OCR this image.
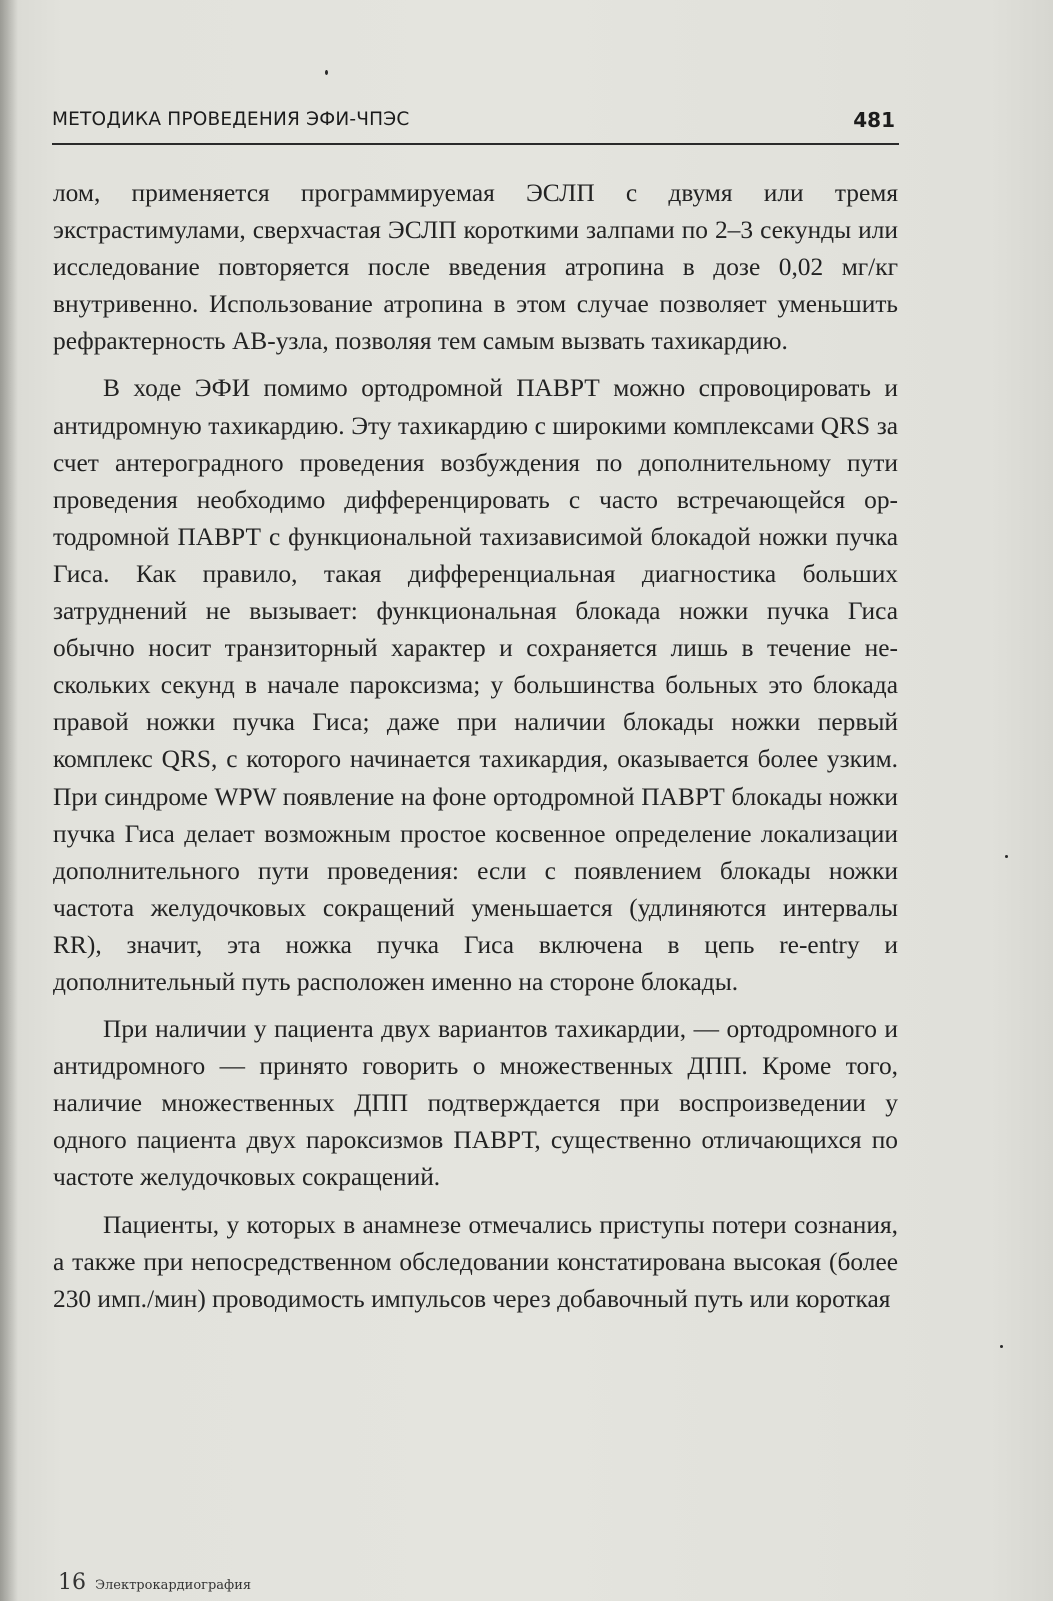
МЕТОДИКА ПРОВЕДЕНИЯ ЭФИ-ЧПЭС	481

лом, применяется программируемая ЭСЛП с двумя или тремя экстрастимулами, сверхчастая ЭСЛП короткими залпами по 2–3 секунды или исследование повторяется после введения атропина в дозе 0,02 мг/кг внутривенно. Использование атропина в этом случае позволяет уменьшить рефрактерность АВ-узла, позволяя тем самым вызвать тахикардию.

В ходе ЭФИ помимо ортодромной ПАВРТ можно спровоцировать и антидромную тахикардию. Эту тахикардию с широкими комплексами QRS за счет антероградного проведения возбуждения по дополнительному пути проведения необходимо дифференцировать с часто встречающейся ортодромной ПАВРТ с функциональной тахизависимой блокадой ножки пучка Гиса. Как правило, такая дифференциальная диагностика больших затруднений не вызывает: функциональная блокада ножки пучка Гиса обычно носит транзиторный характер и сохраняется лишь в течение нескольких секунд в начале пароксизма; у большинства больных это блокада правой ножки пучка Гиса; даже при наличии блокады ножки первый комплекс QRS, с которого начинается тахикардия, оказывается более узким. При синдроме WPW появление на фоне ортодромной ПАВРТ блокады ножки пучка Гиса делает возможным простое косвенное определение локализации дополнительного пути проведения: если с появлением блокады ножки частота желудочковых сокращений уменьшается (удлиняются интервалы RR), значит, эта ножка пучка Гиса включена в цепь re-entry и дополнительный путь расположен именно на стороне блокады.

При наличии у пациента двух вариантов тахикардии, — ортодромного и антидромного — принято говорить о множественных ДПП. Кроме того, наличие множественных ДПП подтверждается при воспроизведении у одного пациента двух пароксизмов ПАВРТ, существенно отличающихся по частоте желудочковых сокращений.

Пациенты, у которых в анамнезе отмечались приступы потери сознания, а также при непосредственном обследовании констатирована высокая (более 230 имп./мин) проводимость импульсов через добавочный путь или короткая

16 Электрокардиография
